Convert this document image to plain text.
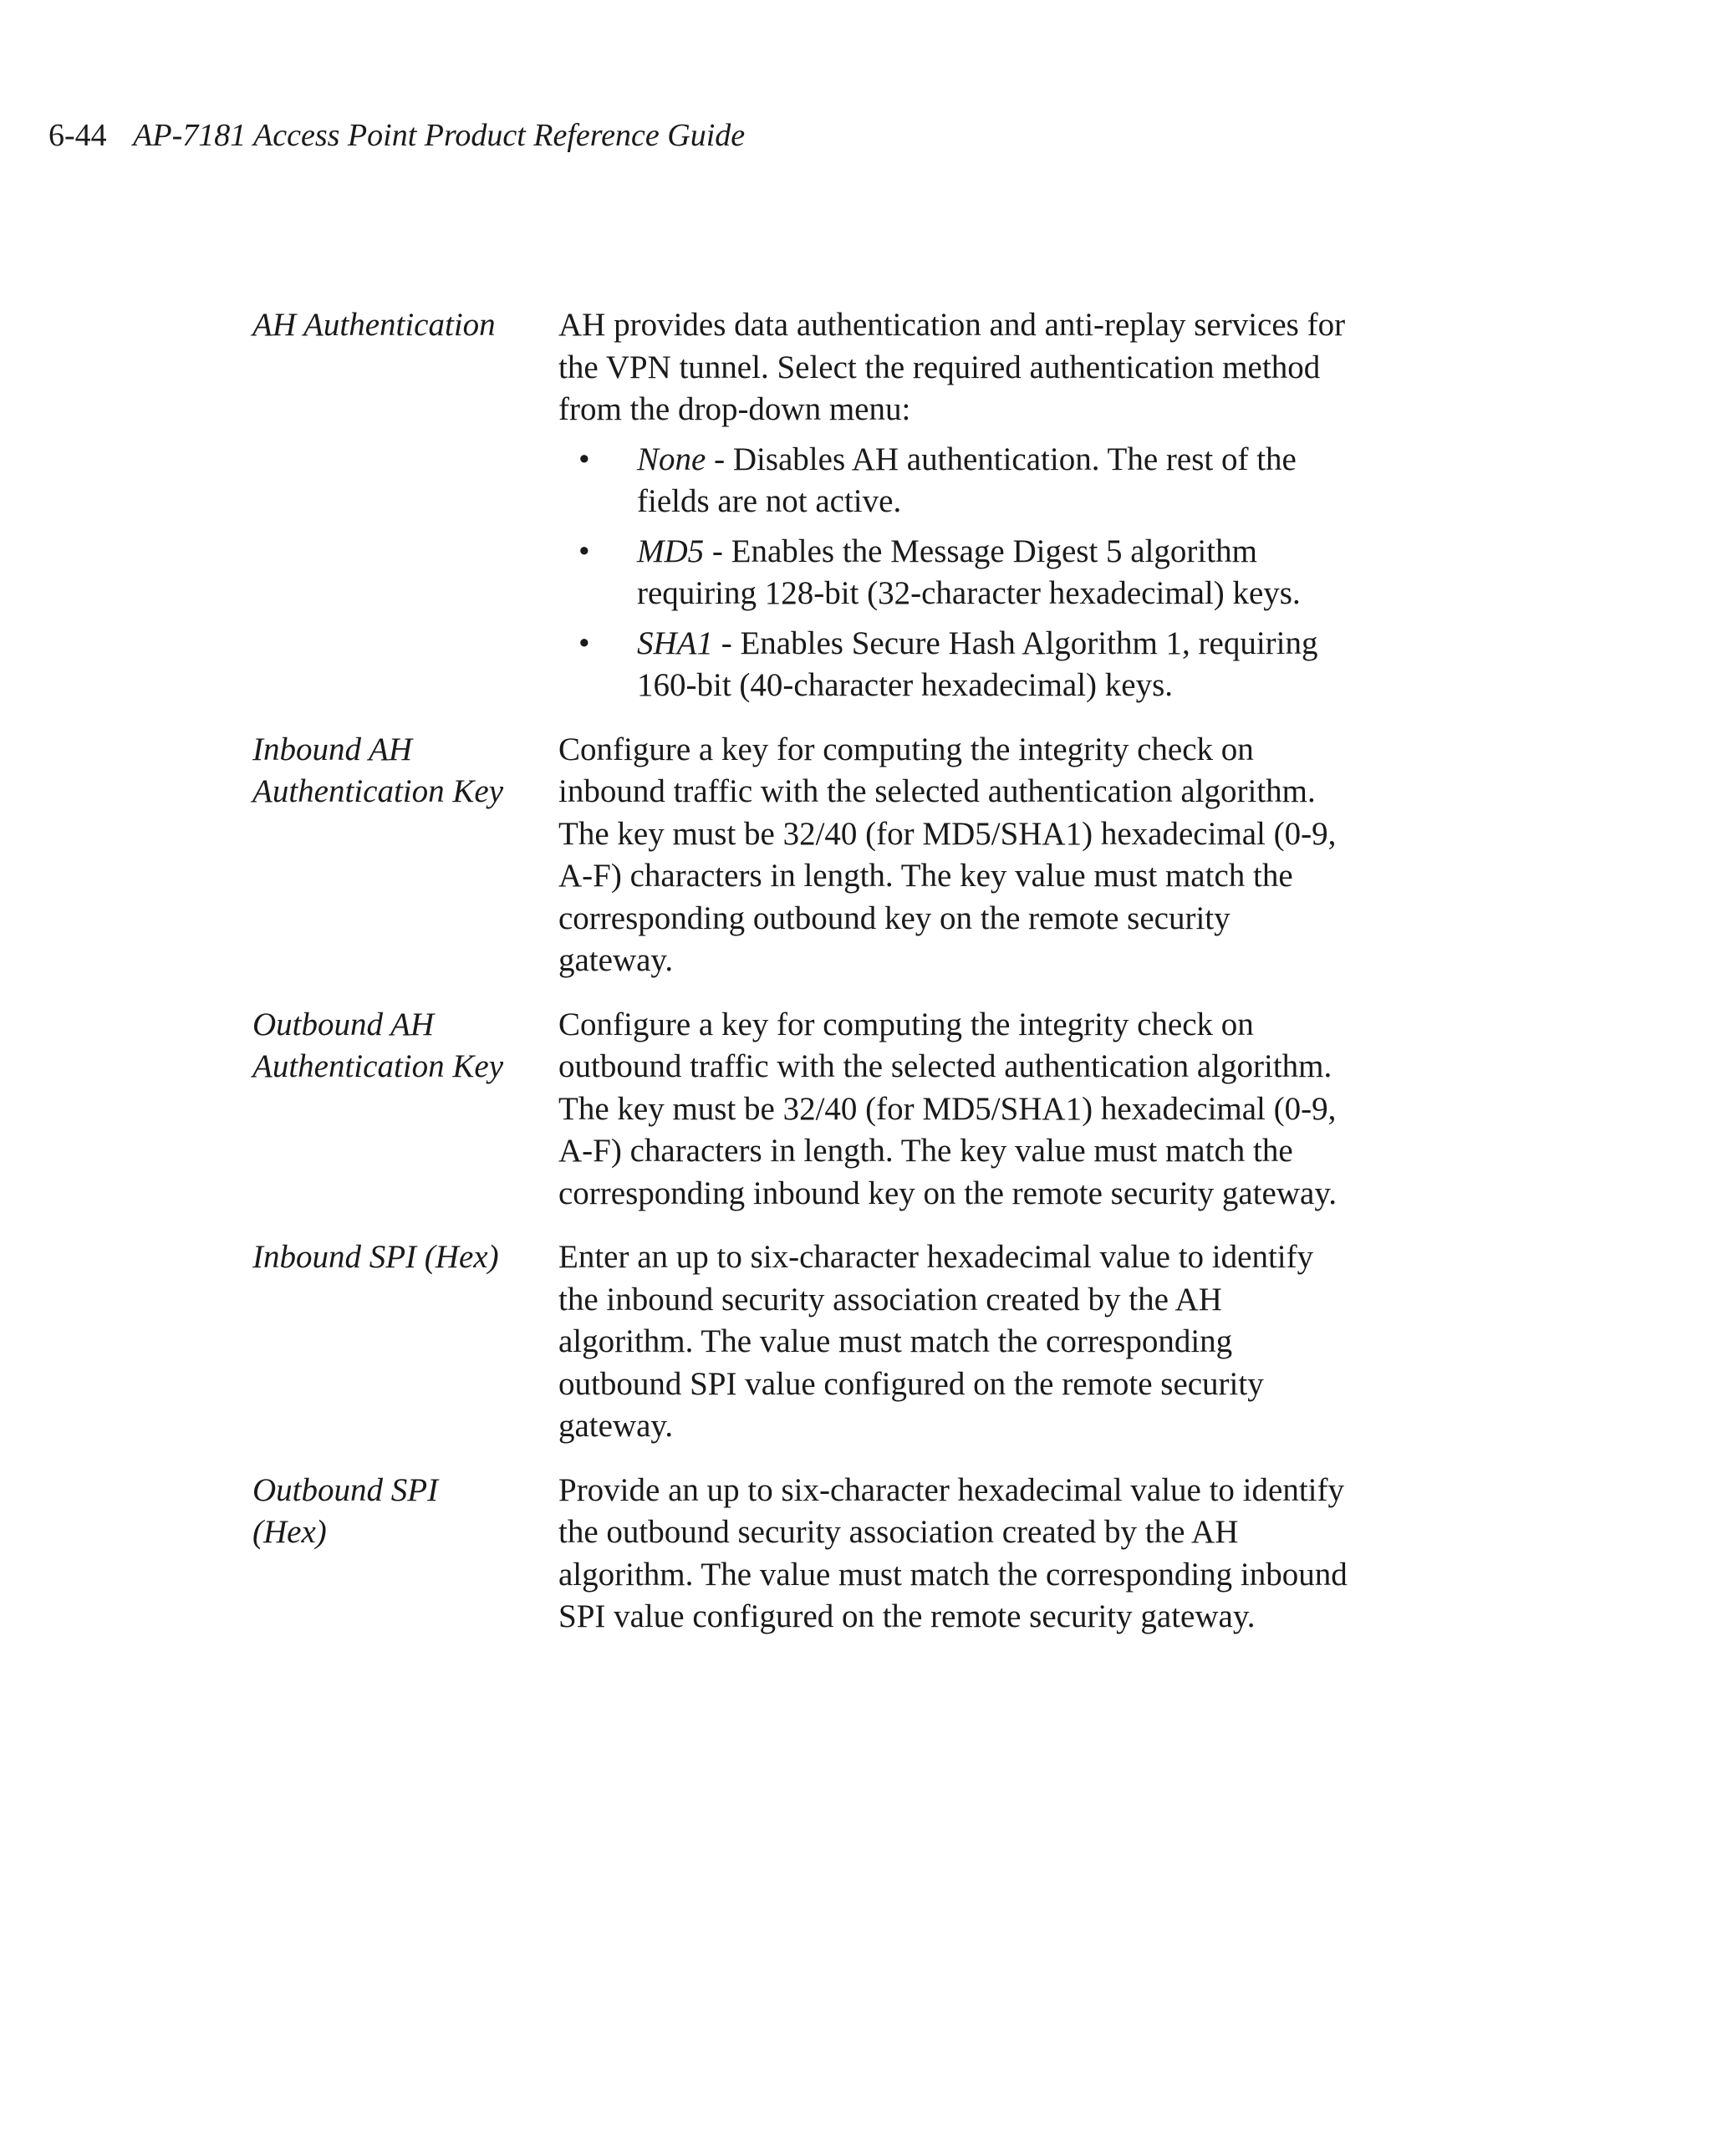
6-44 AP-7181 Access Point Product Reference Guide
AH Authentication	AH provides data authentication and anti-replay services for
the VPN tunnel. Select the required authentication method
from the drop-down menu:
• None - Disables AH authentication. The rest of the
fields are not active.
• MD5 - Enables the Message Digest 5 algorithm
requiring 128-bit (32-character hexadecimal) keys.
• SHA1 - Enables Secure Hash Algorithm 1, requiring
160-bit (40-character hexadecimal) keys.
Inbound AH
Authentication Key
Configure a key for computing the integrity check on
inbound traffic with the selected authentication algorithm.
The key must be 32/40 (for MD5/SHA1) hexadecimal (0-9,
A-F) characters in length. The key value must match the
corresponding outbound key on the remote security
gateway.
Outbound AH
Authentication Key
Configure a key for computing the integrity check on
outbound traffic with the selected authentication algorithm.
The key must be 32/40 (for MD5/SHA1) hexadecimal (0-9,
A-F) characters in length. The key value must match the
corresponding inbound key on the remote security gateway.
Inbound SPI (Hex)	Enter an up to six-character hexadecimal value to identify
the inbound security association created by the AH
algorithm. The value must match the corresponding
outbound SPI value configured on the remote security
gateway.
Outbound SPI
(Hex)
Provide an up to six-character hexadecimal value to identify
the outbound security association created by the AH
algorithm. The value must match the corresponding inbound
SPI value configured on the remote security gateway.
